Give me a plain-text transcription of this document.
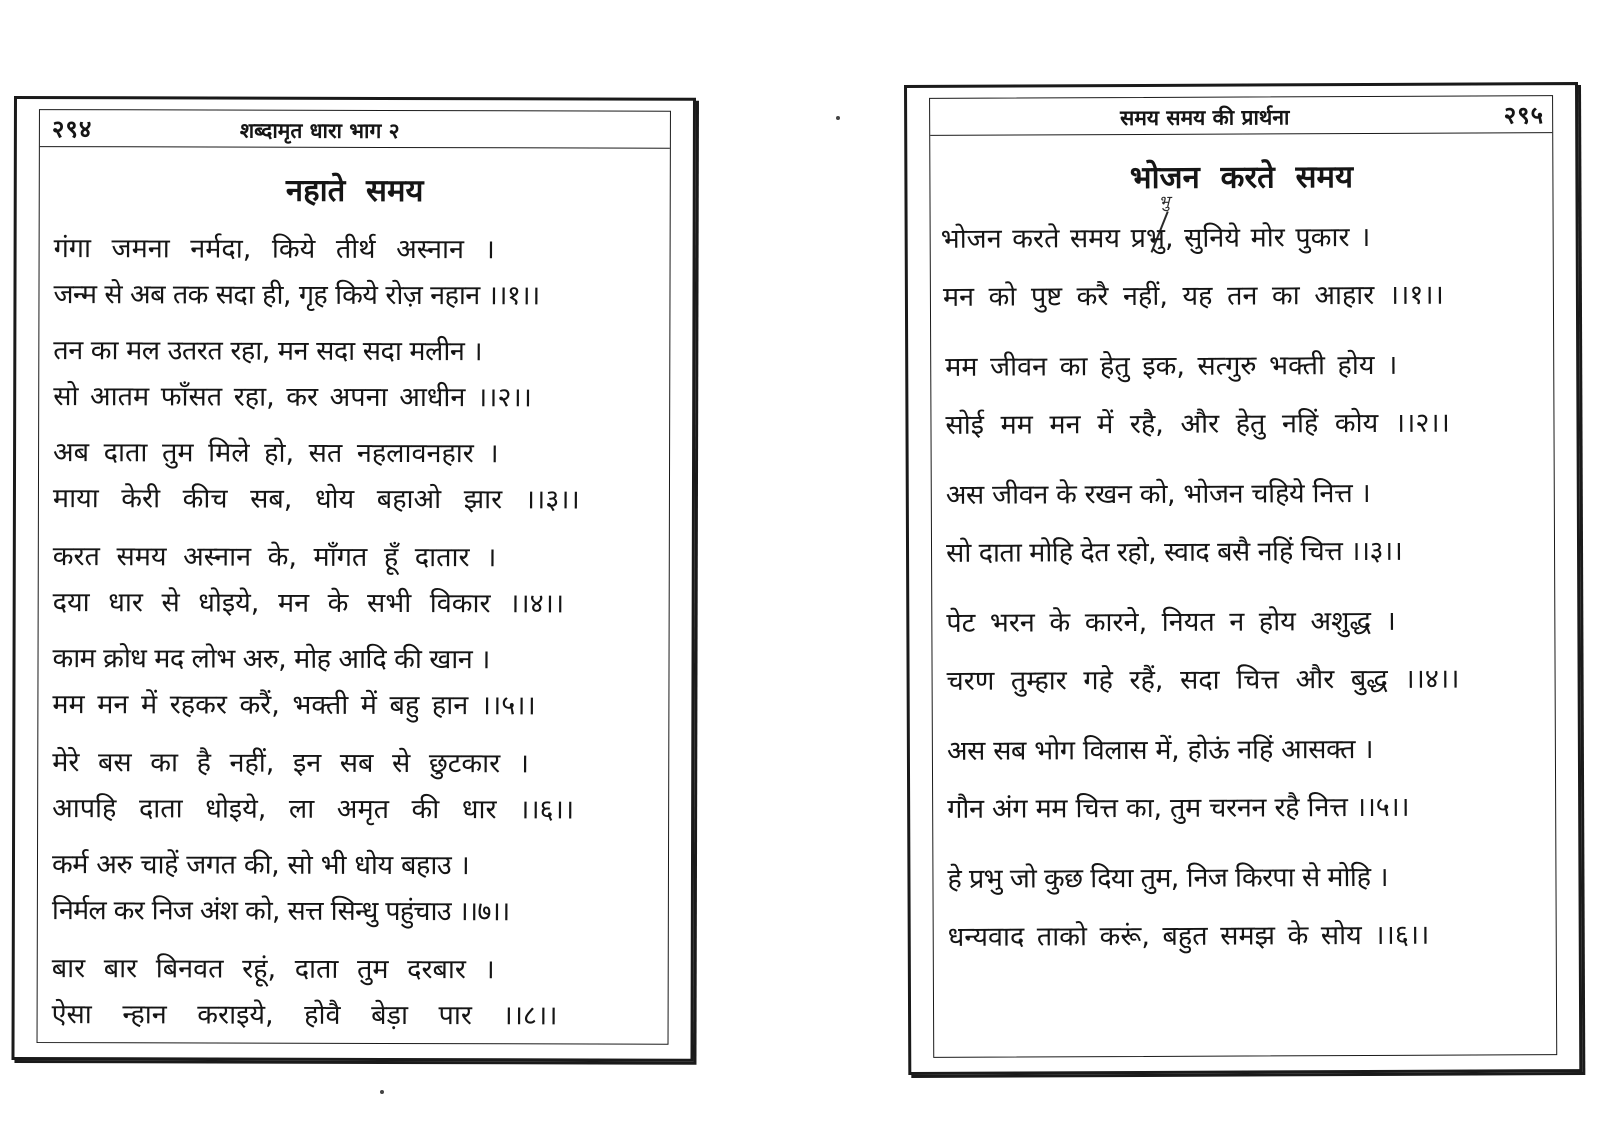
२९४	शब्दामृत धारा भाग २
नहाते समय
गंगा जमना नर्मदा, किये तीर्थ अस्नान ।
जन्म से अब तक सदा ही, गृह किये रोज़ नहान ।।१।।
तन का मल उतरत रहा, मन सदा सदा मलीन ।
सो आतम फाँसत रहा, कर अपना आधीन ।।२।।
अब दाता तुम मिले हो, सत नहलावनहार ।
माया केरी कीच सब, धोय बहाओ झार ।।३।।
करत समय अस्नान के, माँगत हूँ दातार ।
दया धार से धोइये, मन के सभी विकार ।।४।।
काम क्रोध मद लोभ अरु, मोह आदि की खान ।
मम मन में रहकर करैं, भक्ती में बहु हान ।।५।।
मेरे बस का है नहीं, इन सब से छुटकार ।
आपहि दाता धोइये, ला अमृत की धार ।।६।।
कर्म अरु चाहें जगत की, सो भी धोय बहाउ ।
निर्मल कर निज अंश को, सत्त सिन्धु पहुंचाउ ।।७।।
बार बार बिनवत रहूं, दाता तुम दरबार ।
ऐसा न्हान कराइये, होवै बेड़ा पार ।।८।।
समय समय की प्रार्थना	२९५
भोजन करते समय
भु
भोजन करते समय प्रभु, सुनिये मोर पुकार ।
मन को पुष्ट करै नहीं, यह तन का आहार ।।१।।
मम जीवन का हेतु इक, सत्गुरु भक्ती होय ।
सोई मम मन में रहै, और हेतु नहिं कोय ।।२।।
अस जीवन के रखन को, भोजन चहिये नित्त ।
सो दाता मोहि देत रहो, स्वाद बसै नहिं चित्त ।।३।।
पेट भरन के कारने, नियत न होय अशुद्ध ।
चरण तुम्हार गहे रहैं, सदा चित्त और बुद्ध ।।४।।
अस सब भोग विलास में, होऊं नहिं आसक्त ।
गौन अंग मम चित्त का, तुम चरनन रहै नित्त ।।५।।
हे प्रभु जो कुछ दिया तुम, निज किरपा से मोहि ।
धन्यवाद ताको करूं, बहुत समझ के सोय ।।६।।
